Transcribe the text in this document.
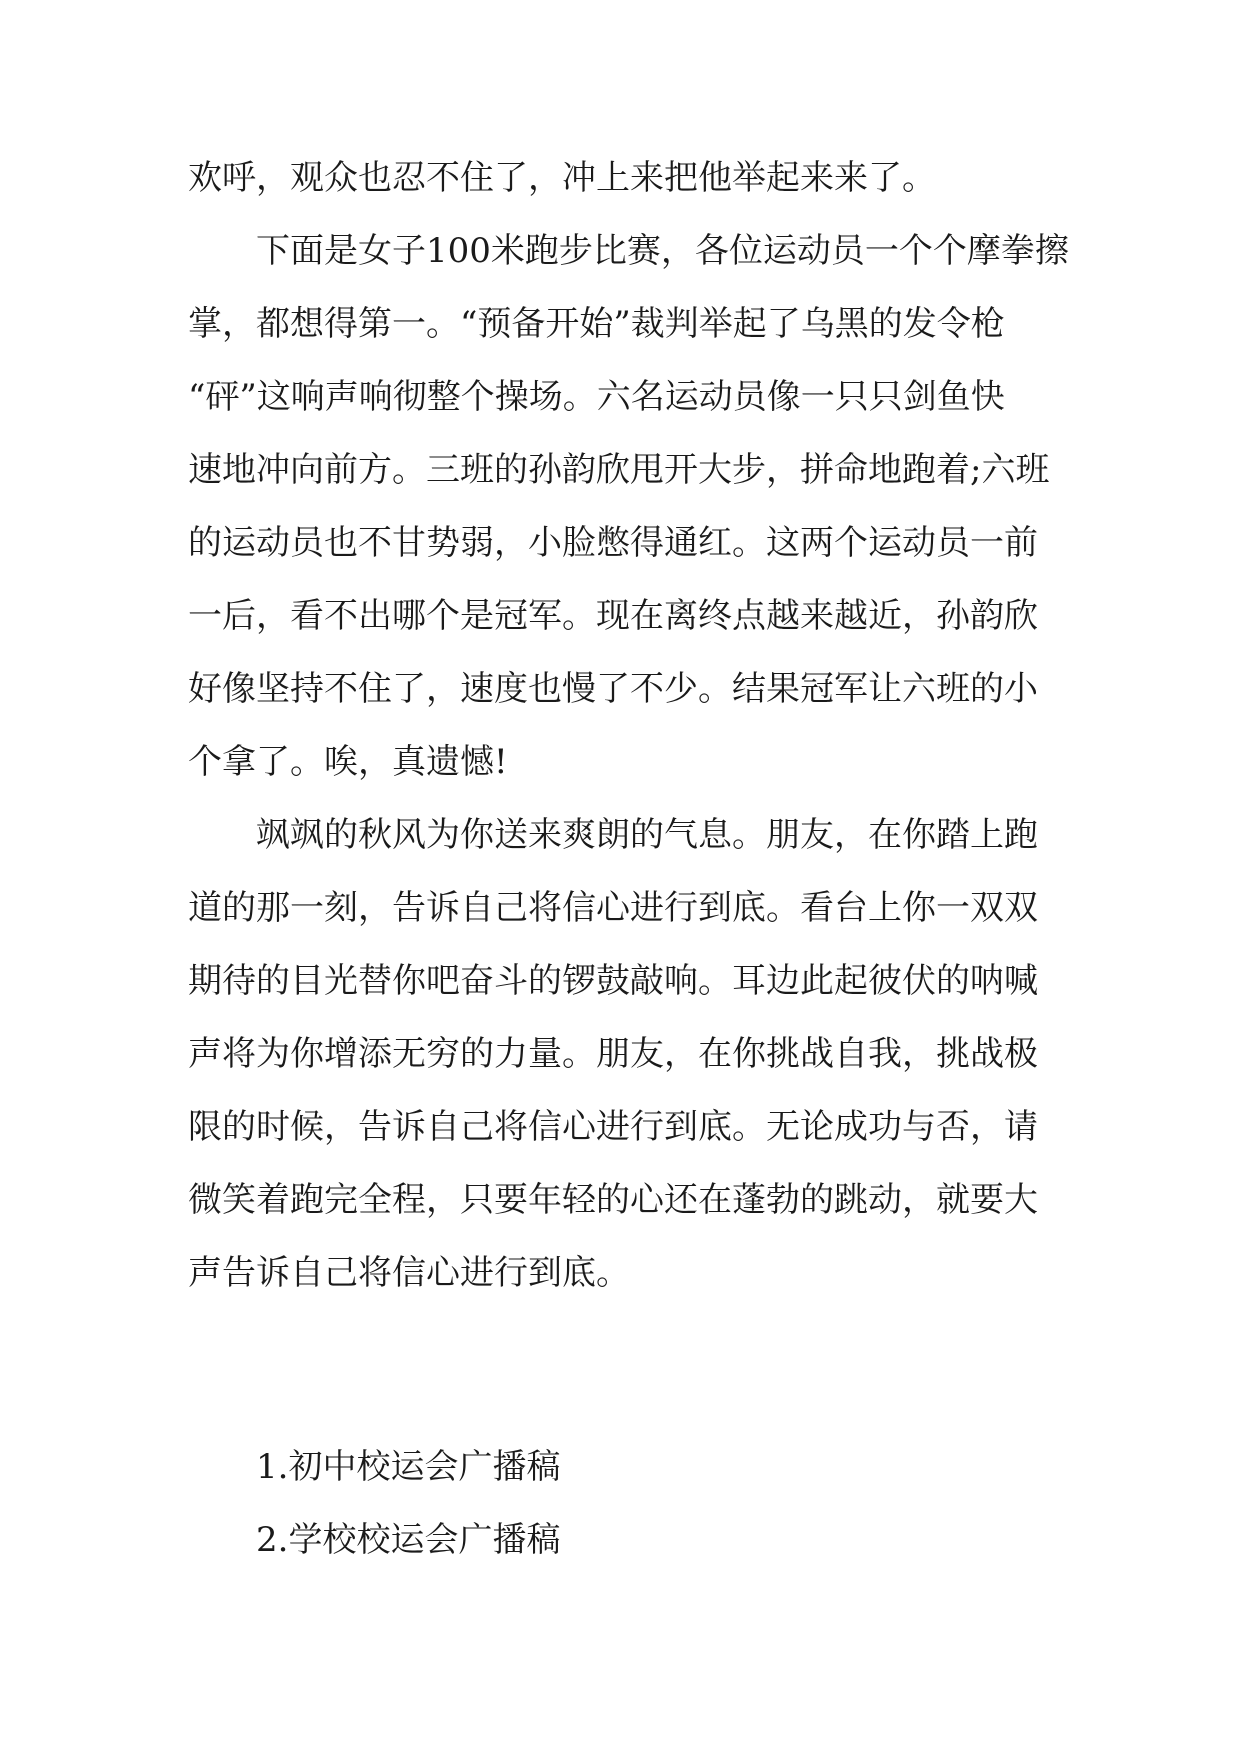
欢呼，观众也忍不住了，冲上来把他举起来来了。

下面是女子100米跑步比赛，各位运动员一个个摩拳擦
掌，都想得第一。“预备开始”裁判举起了乌黑的发令枪
“砰”这响声响彻整个操场。六名运动员像一只只剑鱼快
速地冲向前方。三班的孙韵欣甩开大步，拼命地跑着;六班
的运动员也不甘势弱，小脸憋得通红。这两个运动员一前
一后，看不出哪个是冠军。现在离终点越来越近，孙韵欣
好像坚持不住了，速度也慢了不少。结果冠军让六班的小
个拿了。唉，真遗憾!

飒飒的秋风为你送来爽朗的气息。朋友，在你踏上跑
道的那一刻，告诉自己将信心进行到底。看台上你一双双
期待的目光替你吧奋斗的锣鼓敲响。耳边此起彼伏的呐喊
声将为你增添无穷的力量。朋友，在你挑战自我，挑战极
限的时候，告诉自己将信心进行到底。无论成功与否，请
微笑着跑完全程，只要年轻的心还在蓬勃的跳动，就要大
声告诉自己将信心进行到底。

1.初中校运会广播稿
2.学校校运会广播稿
